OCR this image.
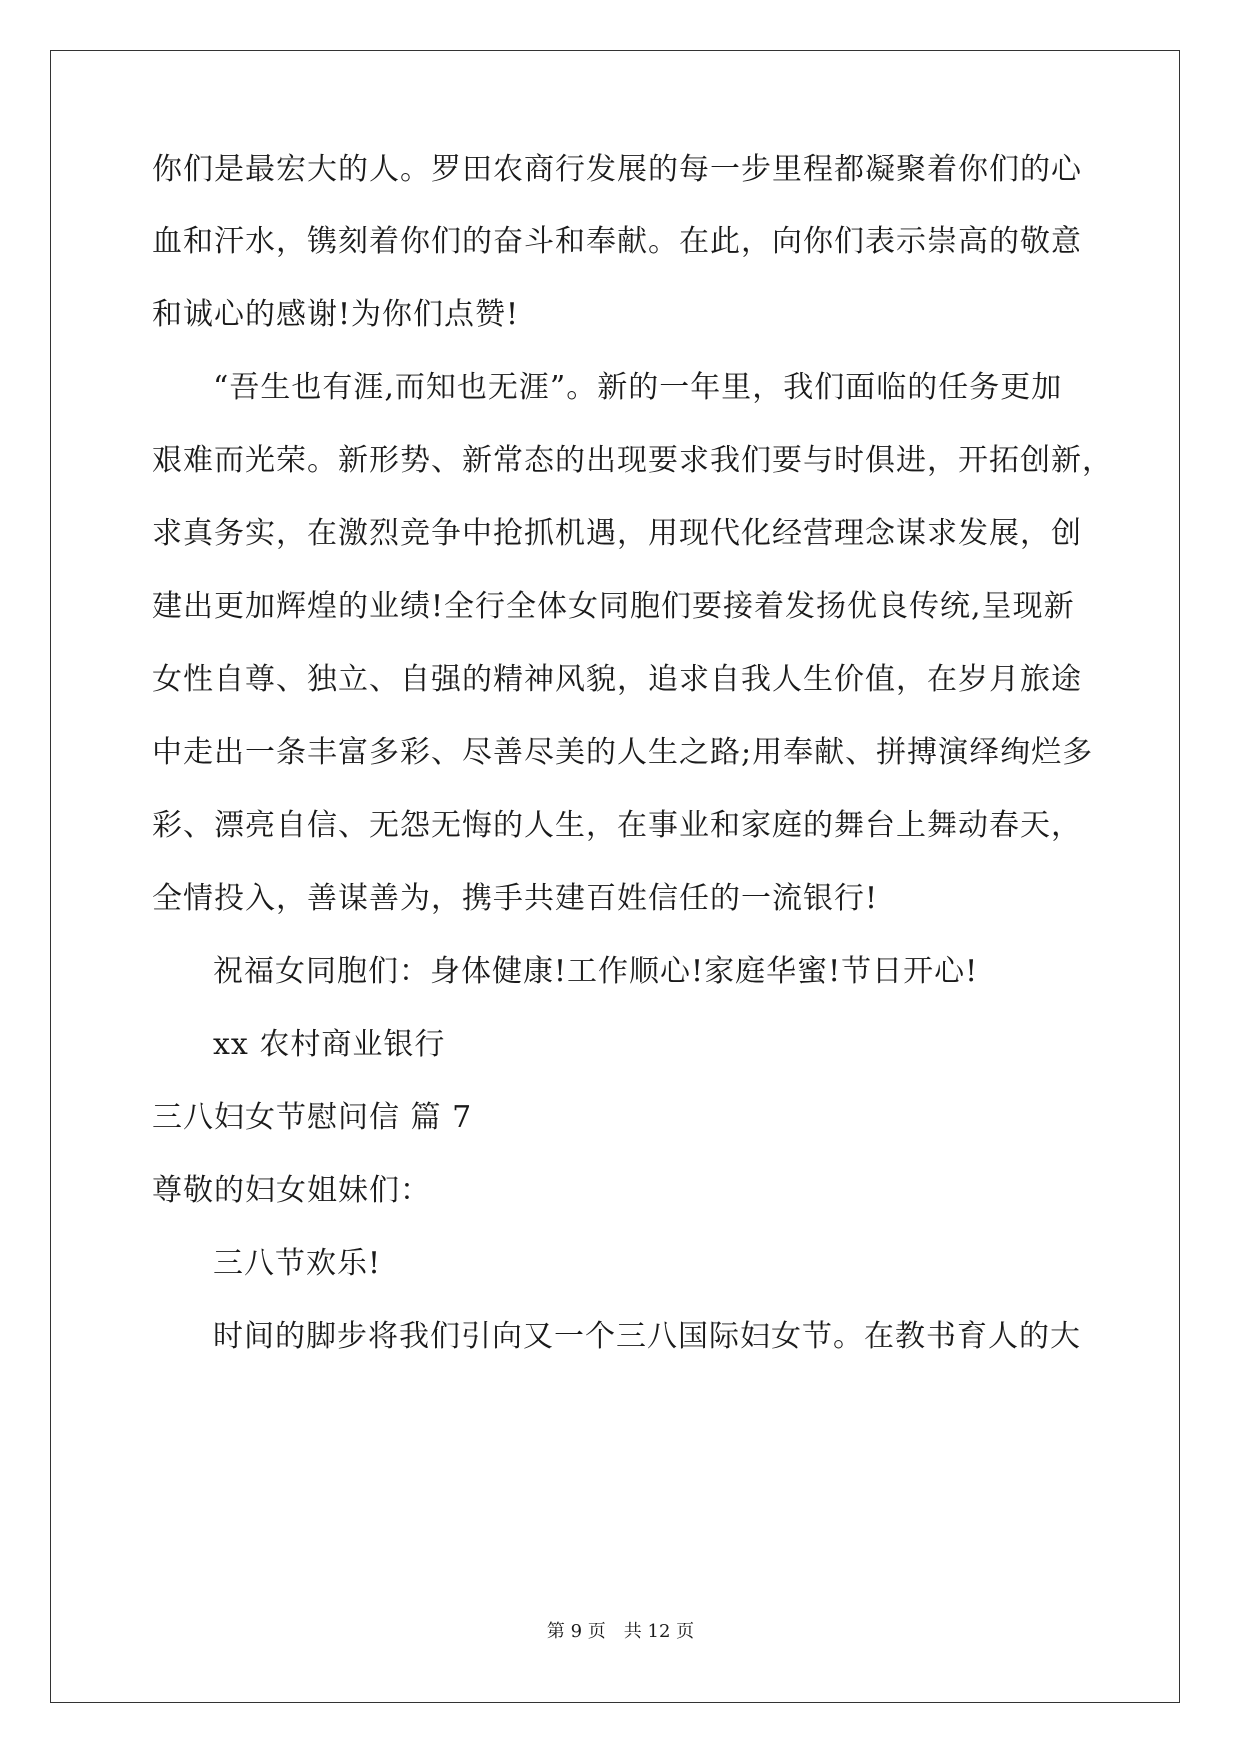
你们是最宏大的人。罗田农商行发展的每一步里程都凝聚着你们的心
血和汗水，镌刻着你们的奋斗和奉献。在此，向你们表示崇高的敬意
和诚心的感谢!为你们点赞!
“吾生也有涯,而知也无涯”。新的一年里，我们面临的任务更加
艰难而光荣。新形势、新常态的出现要求我们要与时俱进，开拓创新，
求真务实，在激烈竞争中抢抓机遇，用现代化经营理念谋求发展，创
建出更加辉煌的业绩!全行全体女同胞们要接着发扬优良传统,呈现新
女性自尊、独立、自强的精神风貌，追求自我人生价值，在岁月旅途
中走出一条丰富多彩、尽善尽美的人生之路;用奉献、拼搏演绎绚烂多
彩、漂亮自信、无怨无悔的人生，在事业和家庭的舞台上舞动春天，
全情投入，善谋善为，携手共建百姓信任的一流银行!
祝福女同胞们：身体健康!工作顺心!家庭华蜜!节日开心!
xx 农村商业银行
三八妇女节慰问信 篇 7
尊敬的妇女姐妹们：
三八节欢乐!
时间的脚步将我们引向又一个三八国际妇女节。在教书育人的大
第 9 页 共 12 页
